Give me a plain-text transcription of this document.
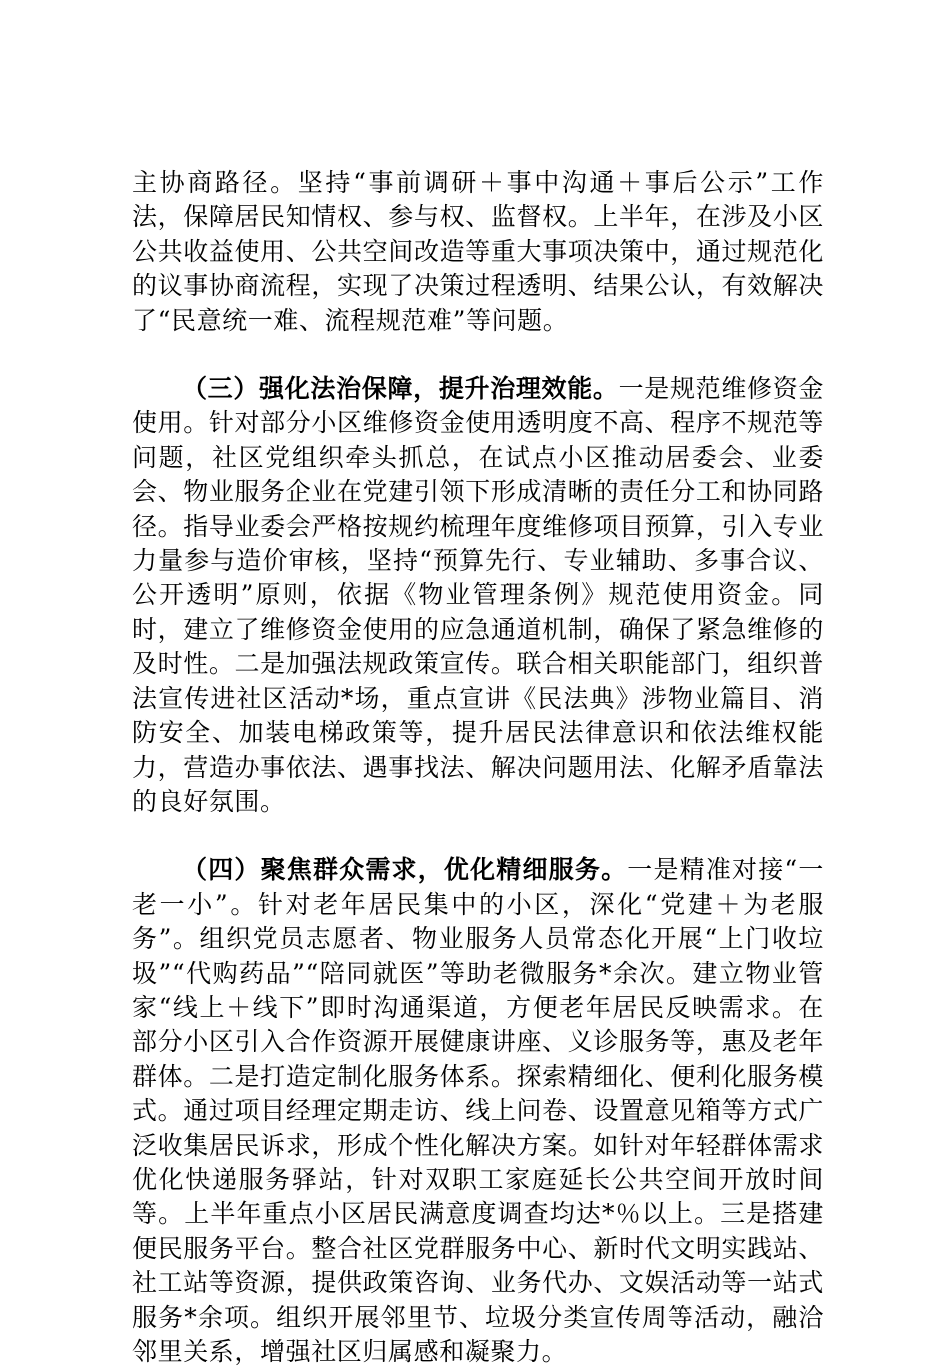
主协商路径。坚持“事前调研＋事中沟通＋事后公示”工作法，保障居民知情权、参与权、监督权。上半年，在涉及小区公共收益使用、公共空间改造等重大事项决策中，通过规范化的议事协商流程，实现了决策过程透明、结果公认，有效解决了“民意统一难、流程规范难”等问题。

（三）强化法治保障，提升治理效能。一是规范维修资金使用。针对部分小区维修资金使用透明度不高、程序不规范等问题，社区党组织牵头抓总，在试点小区推动居委会、业委会、物业服务企业在党建引领下形成清晰的责任分工和协同路径。指导业委会严格按规约梳理年度维修项目预算，引入专业力量参与造价审核，坚持“预算先行、专业辅助、多事合议、公开透明”原则，依据《物业管理条例》规范使用资金。同时，建立了维修资金使用的应急通道机制，确保了紧急维修的及时性。二是加强法规政策宣传。联合相关职能部门，组织普法宣传进社区活动*场，重点宣讲《民法典》涉物业篇目、消防安全、加装电梯政策等，提升居民法律意识和依法维权能力，营造办事依法、遇事找法、解决问题用法、化解矛盾靠法的良好氛围。

（四）聚焦群众需求，优化精细服务。一是精准对接“一老一小”。针对老年居民集中的小区，深化“党建＋为老服务”。组织党员志愿者、物业服务人员常态化开展“上门收垃圾”“代购药品”“陪同就医”等助老微服务*余次。建立物业管家“线上＋线下”即时沟通渠道，方便老年居民反映需求。在部分小区引入合作资源开展健康讲座、义诊服务等，惠及老年群体。二是打造定制化服务体系。探索精细化、便利化服务模式。通过项目经理定期走访、线上问卷、设置意见箱等方式广泛收集居民诉求，形成个性化解决方案。如针对年轻群体需求优化快递服务驿站，针对双职工家庭延长公共空间开放时间等。上半年重点小区居民满意度调查均达*％以上。三是搭建便民服务平台。整合社区党群服务中心、新时代文明实践站、社工站等资源，提供政策咨询、业务代办、文娱活动等一站式服务*余项。组织开展邻里节、垃圾分类宣传周等活动，融洽邻里关系，增强社区归属感和凝聚力。
